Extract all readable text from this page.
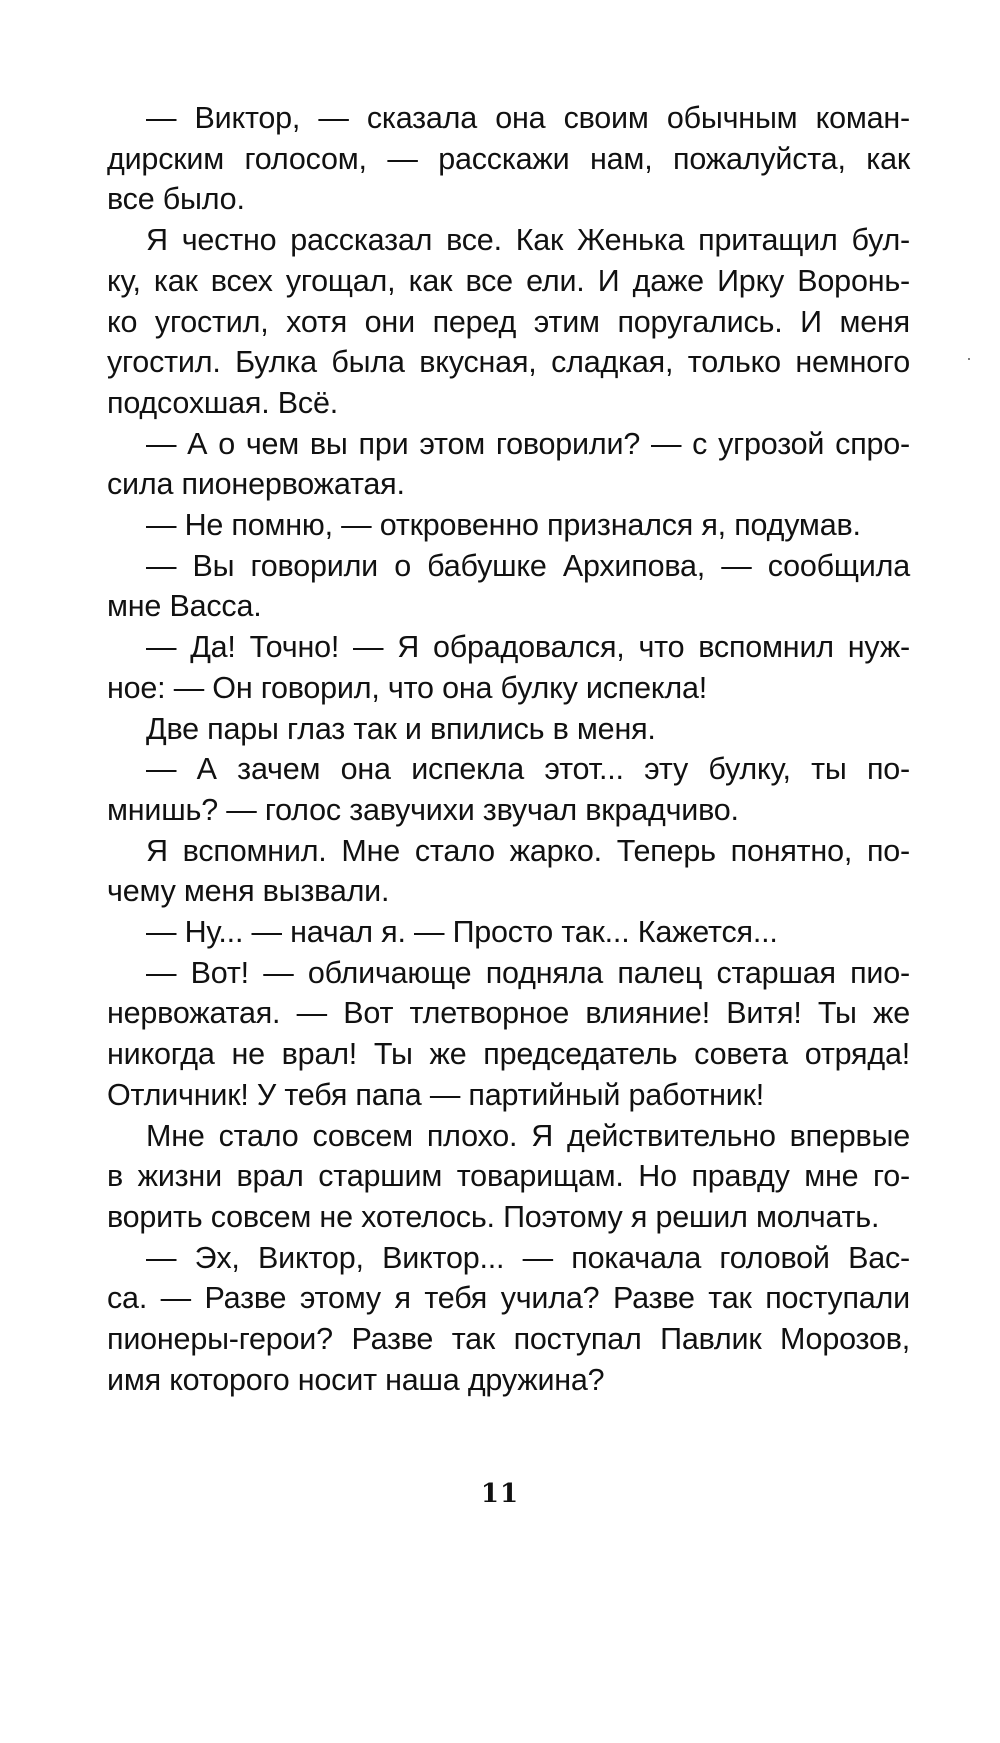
— Виктор, — сказала она своим обычным коман-
дирским голосом, — расскажи нам, пожалуйста, как
все было.
Я честно рассказал все. Как Женька притащил бул-
ку, как всех угощал, как все ели. И даже Ирку Воронь-
ко угостил, хотя они перед этим поругались. И меня
угостил. Булка была вкусная, сладкая, только немного
подсохшая. Всё.
— А о чем вы при этом говорили? — с угрозой спро-
сила пионервожатая.
— Не помню, — откровенно признался я, подумав.
— Вы говорили о бабушке Архипова, — сообщила
мне Васса.
— Да! Точно! — Я обрадовался, что вспомнил нуж-
ное: — Он говорил, что она булку испекла!
Две пары глаз так и впились в меня.
— А зачем она испекла этот... эту булку, ты по-
мнишь? — голос завучихи звучал вкрадчиво.
Я вспомнил. Мне стало жарко. Теперь понятно, по-
чему меня вызвали.
— Ну... — начал я. — Просто так... Кажется...
— Вот! — обличающе подняла палец старшая пио-
нервожатая. — Вот тлетворное влияние! Витя! Ты же
никогда не врал! Ты же председатель совета отряда!
Отличник! У тебя папа — партийный работник!
Мне стало совсем плохо. Я действительно впервые
в жизни врал старшим товарищам. Но правду мне го-
ворить совсем не хотелось. Поэтому я решил молчать.
— Эх, Виктор, Виктор... — покачала головой Вас-
са. — Разве этому я тебя учила? Разве так поступали
пионеры-герои? Разве так поступал Павлик Морозов,
имя которого носит наша дружина?
11
